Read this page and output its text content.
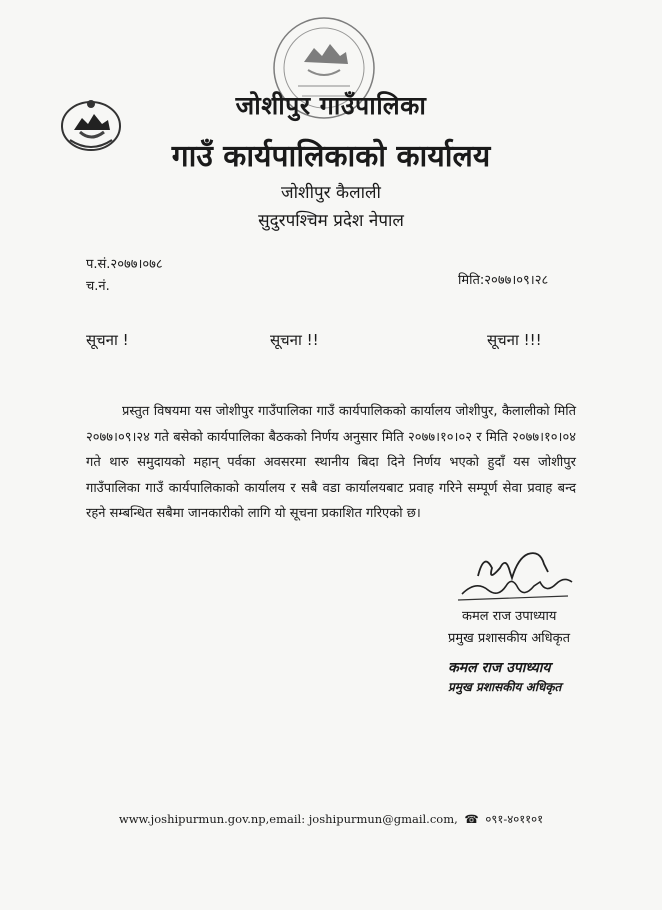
जोशीपुर गाउँपालिका
गाउँ कार्यपालिकाको कार्यालय
जोशीपुर कैलाली
सुदुरपश्चिम प्रदेश नेपाल
प.सं.२०७७।०७८
च.नं.	मिति:२०७७।०९।२८
सूचना !	सूचना !!	सूचना !!!

प्रस्तुत विषयमा यस जोशीपुर गाउँपालिका गाउँ कार्यपालिकको कार्यालय जोशीपुर, कैलालीको मिति २०७७।०९।२४ गते बसेको कार्यपालिका बैठकको निर्णय अनुसार मिति २०७७।१०।०२ र मिति २०७७।१०।०४ गते थारु समुदायको महान् पर्वका अवसरमा स्थानीय बिदा दिने निर्णय भएको हुदाँ यस जोशीपुर गाउँपालिका गाउँ कार्यपालिकाको कार्यालय र सबै वडा कार्यालयबाट प्रवाह गरिने सम्पूर्ण सेवा प्रवाह बन्द रहने सम्बन्धित सबैमा जानकारीको लागि यो सूचना प्रकाशित गरिएको छ।

कमल राज उपाध्याय
प्रमुख प्रशासकीय अधिकृत
कमल राज उपाध्याय
प्रमुख प्रशासकीय अधिकृत
www.joshipurmun.gov.np,email: joshipurmun@gmail.com, ☎ ०९१-४०११०१
